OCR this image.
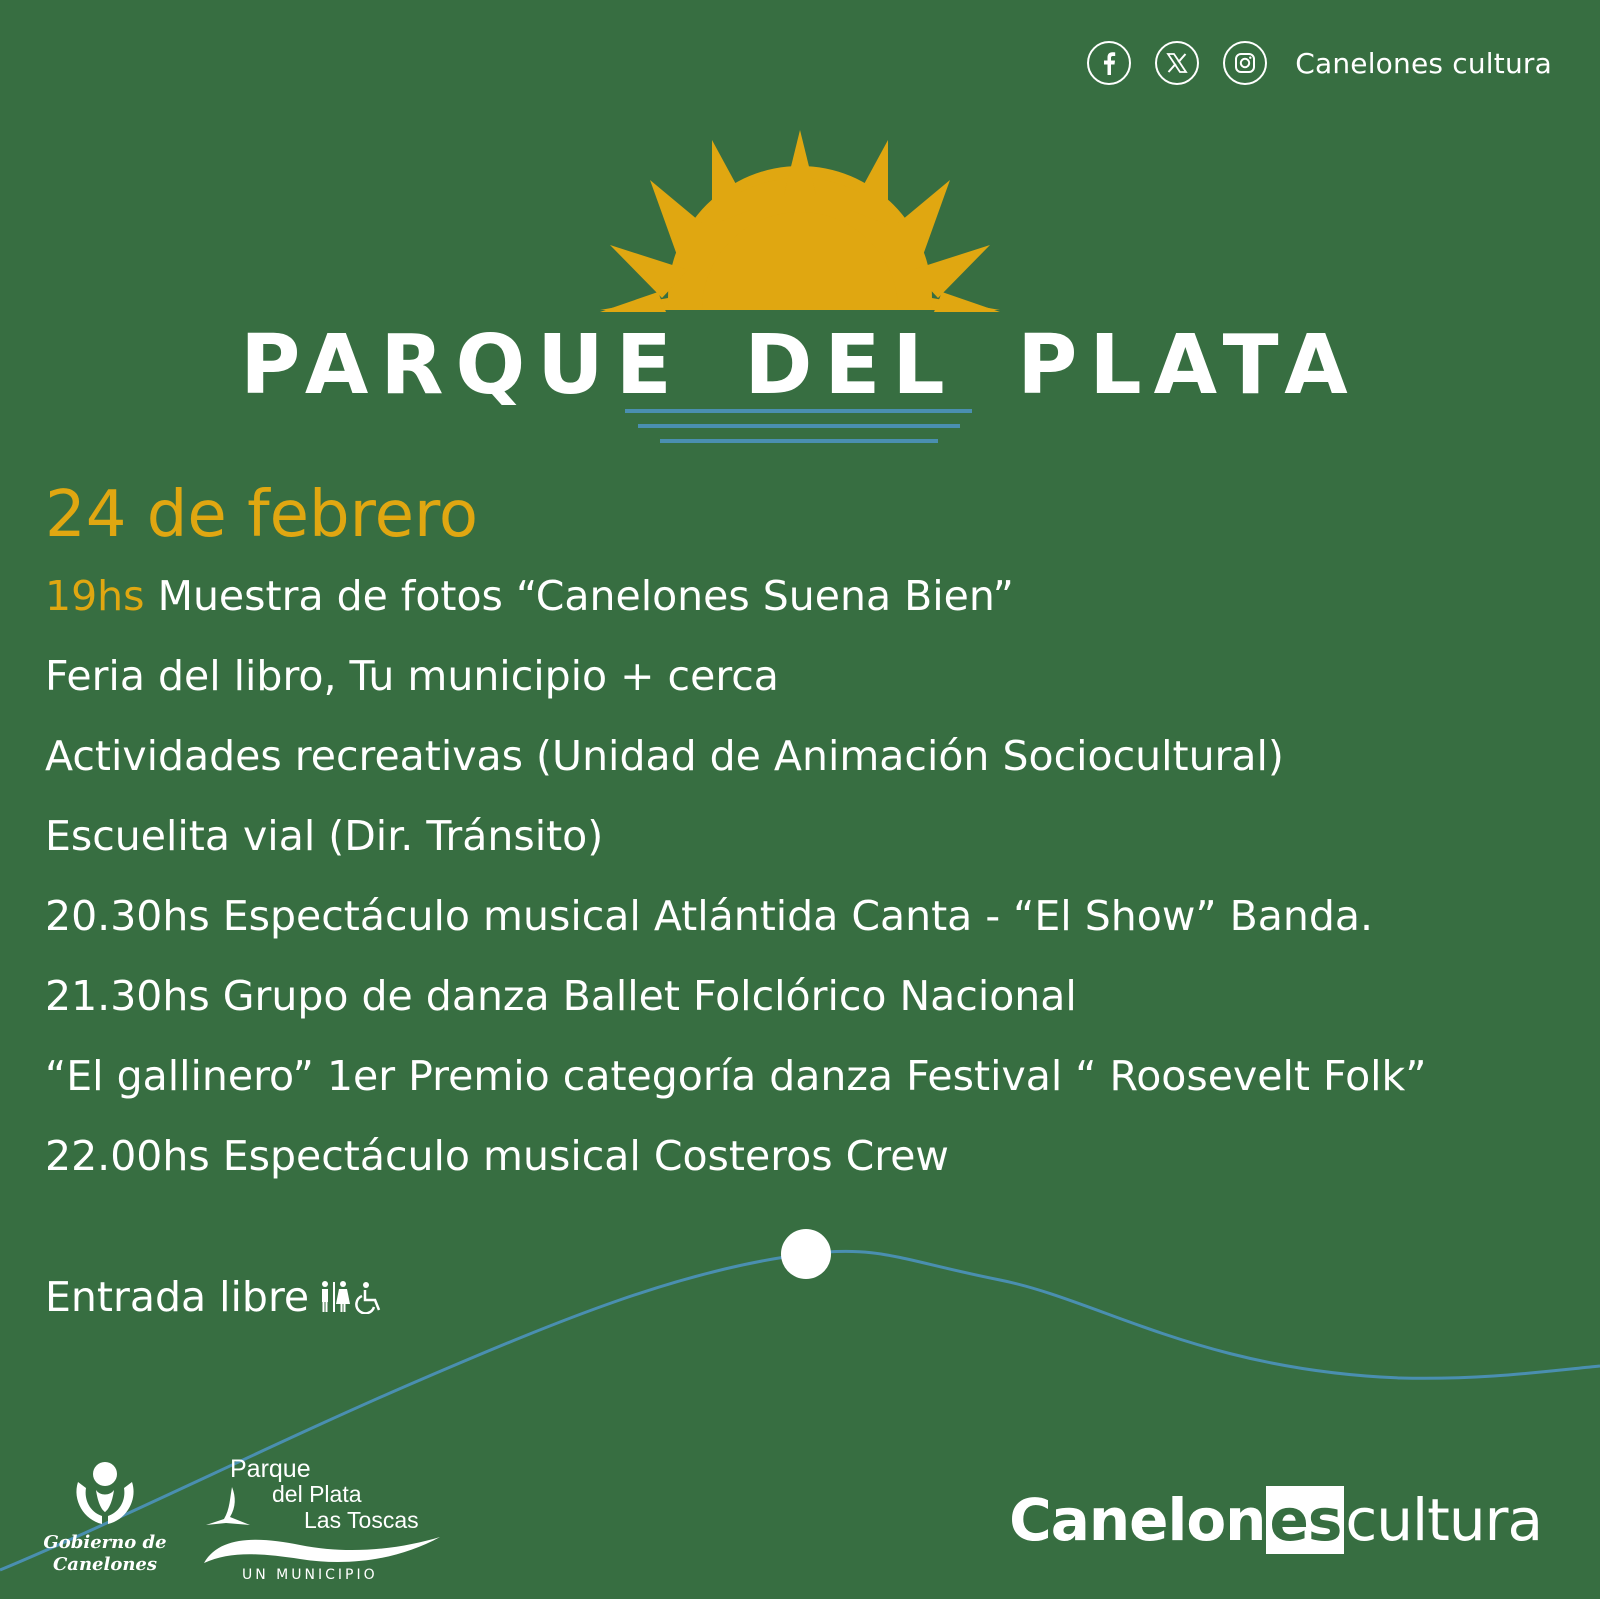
Canelones cultura
PARQUE DEL PLATA
24 de febrero
19hs Muestra de fotos “Canelones Suena Bien”
Feria del libro, Tu municipio + cerca
Actividades recreativas (Unidad de Animación Sociocultural)
Escuelita vial (Dir. Tránsito)
20.30hs Espectáculo musical Atlántida Canta - “El Show” Banda.
21.30hs Grupo de danza Ballet Folclórico Nacional
“El gallinero” 1er Premio categoría danza Festival “ Roosevelt Folk”
22.00hs Espectáculo musical Costeros Crew
Entrada libre
Gobierno de
Canelones
Parque
del Plata
Las Toscas
UN MUNICIPIO
Canelonescultura
